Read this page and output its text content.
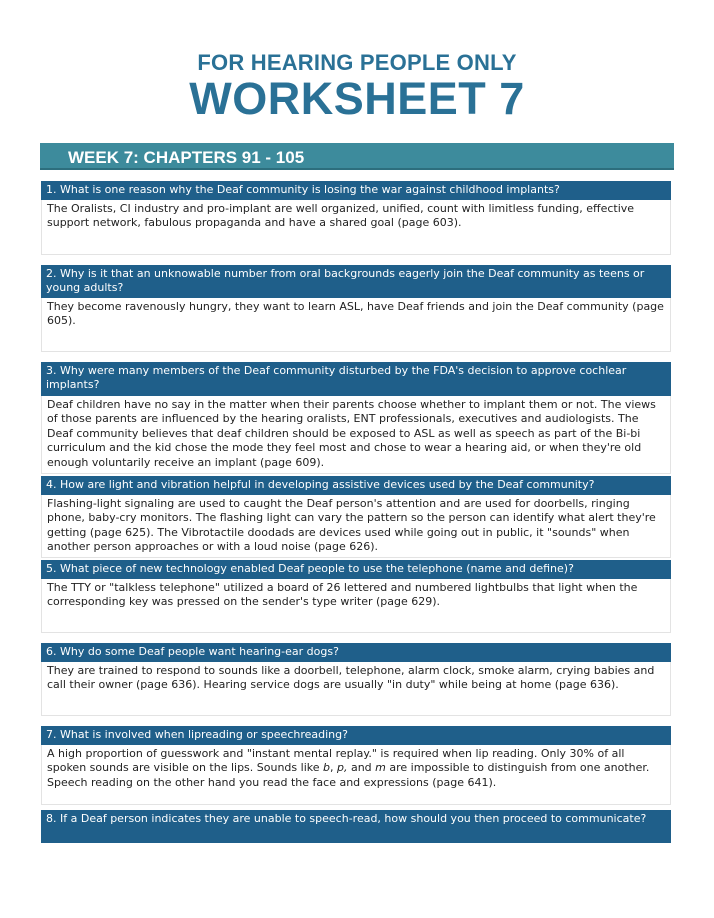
FOR HEARING PEOPLE ONLY
WORKSHEET 7
WEEK 7: CHAPTERS 91 - 105
1. What is one reason why the Deaf community is losing the war against childhood implants?
The Oralists, CI industry and pro-implant are well organized, unified, count with limitless funding, effective support network, fabulous propaganda and have a shared goal (page 603).
2. Why is it that an unknowable number from oral backgrounds eagerly join the Deaf community as teens or young adults?
They become ravenously hungry, they want to learn ASL, have Deaf friends and join the Deaf community (page 605).
3. Why were many members of the Deaf community disturbed by the FDA's decision to approve cochlear implants?
Deaf children have no say in the matter when their parents choose whether to implant them or not. The views of those parents are influenced by the hearing oralists, ENT professionals, executives and audiologists. The Deaf community believes that deaf children should be exposed to ASL as well as speech as part of the Bi-bi curriculum and the kid chose the mode they feel most and chose to wear a hearing aid, or when they're old enough voluntarily receive an implant (page 609).
4. How are light and vibration helpful in developing assistive devices used by the Deaf community?
Flashing-light signaling are used to caught the Deaf person's attention and are used for doorbells, ringing phone, baby-cry monitors. The flashing light can vary the pattern so the person can identify what alert they're getting (page 625). The Vibrotactile doodads are devices used while going out in public, it "sounds" when another person approaches or with a loud noise (page 626).
5. What piece of new technology enabled Deaf people to use the telephone (name and define)?
The TTY or "talkless telephone" utilized a board of 26 lettered and numbered lightbulbs that light when the corresponding key was pressed on the sender's type writer (page 629).
6. Why do some Deaf people want hearing-ear dogs?
They are trained to respond to sounds like a doorbell, telephone, alarm clock, smoke alarm, crying babies and call their owner (page 636). Hearing service dogs are usually "in duty" while being at home (page 636).
7. What is involved when lipreading or speechreading?
A high proportion of guesswork and "instant mental replay." is required when lip reading. Only 30% of all spoken sounds are visible on the lips. Sounds like b, p, and m are impossible to distinguish from one another. Speech reading on the other hand you read the face and expressions (page 641).
8. If a Deaf person indicates they are unable to speech-read, how should you then proceed to communicate?
